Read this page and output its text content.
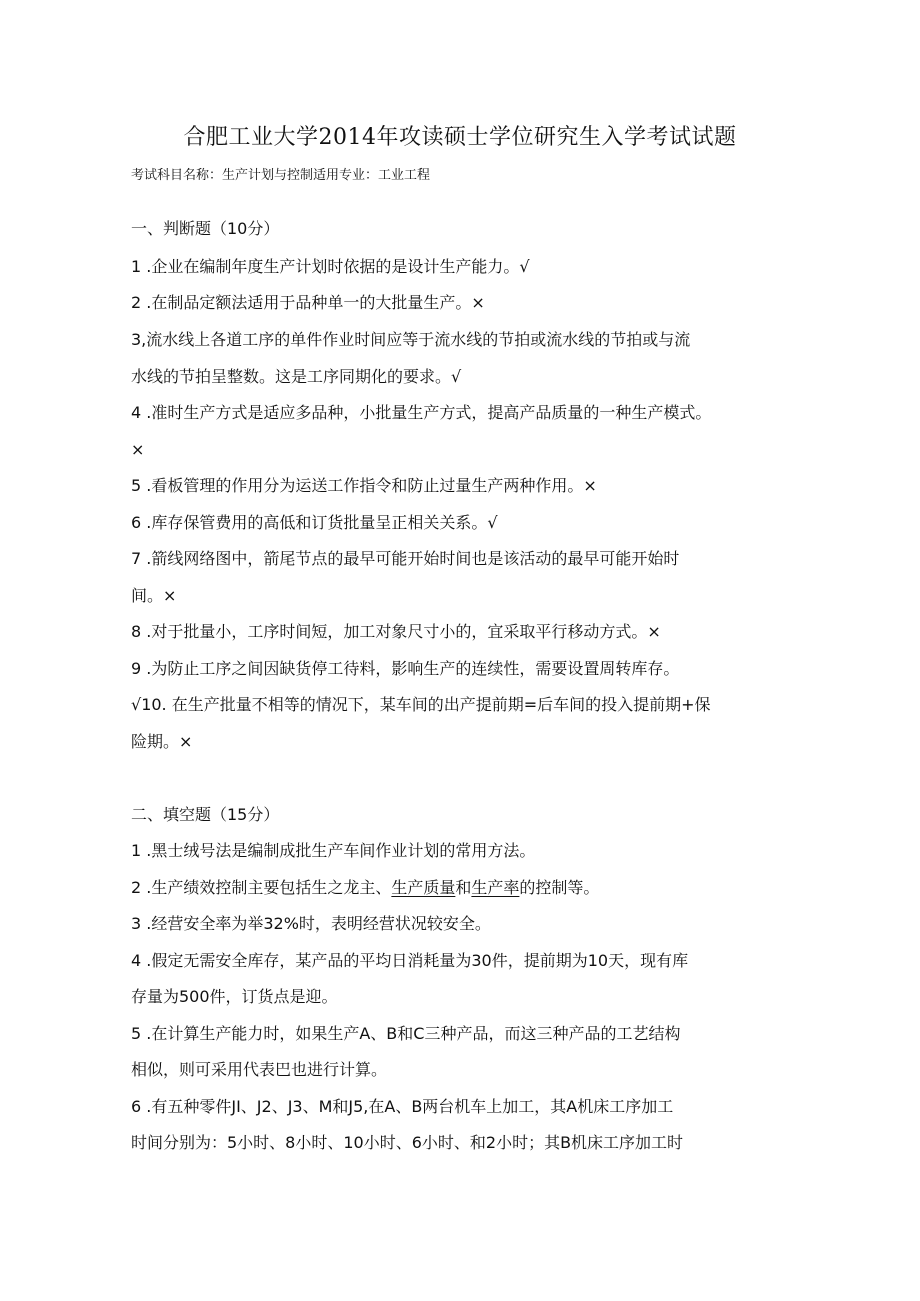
合肥工业大学2014年攻读硕士学位研究生入学考试试题
考试科目名称：生产计划与控制适用专业：工业工程
一、判断题（10分）
1 .企业在编制年度生产计划时依据的是设计生产能力。√
2 .在制品定额法适用于品种单一的大批量生产。×
3,流水线上各道工序的单件作业时间应等于流水线的节拍或流水线的节拍或与流
水线的节拍呈整数。这是工序同期化的要求。√
4 .准时生产方式是适应多品种，小批量生产方式，提高产品质量的一种生产模式。
×
5 .看板管理的作用分为运送工作指令和防止过量生产两种作用。×
6 .库存保管费用的高低和订货批量呈正相关关系。√
7 .箭线网络图中，箭尾节点的最早可能开始时间也是该活动的最早可能开始时
间。×
8 .对于批量小，工序时间短，加工对象尺寸小的，宜采取平行移动方式。×
9 .为防止工序之间因缺货停工待料，影响生产的连续性，需要设置周转库存。
√10. 在生产批量不相等的情况下，某车间的出产提前期=后车间的投入提前期+保
险期。×
二、填空题（15分）
1 .黑士绒号法是编制成批生产车间作业计划的常用方法。
2 .生产绩效控制主要包括生之龙主、生产质量和生产率的控制等。
3 .经营安全率为举32%时，表明经营状况较安全。
4 .假定无需安全库存，某产品的平均日消耗量为30件，提前期为10天，现有库
存量为500件，订货点是迎。
5 .在计算生产能力时，如果生产A、B和C三种产品，而这三种产品的工艺结构
相似，则可采用代表巴也进行计算。
6 .有五种零件JI、J2、J3、M和J5,在A、B两台机车上加工，其A机床工序加工
时间分别为：5小时、8小时、10小时、6小时、和2小时；其B机床工序加工时
